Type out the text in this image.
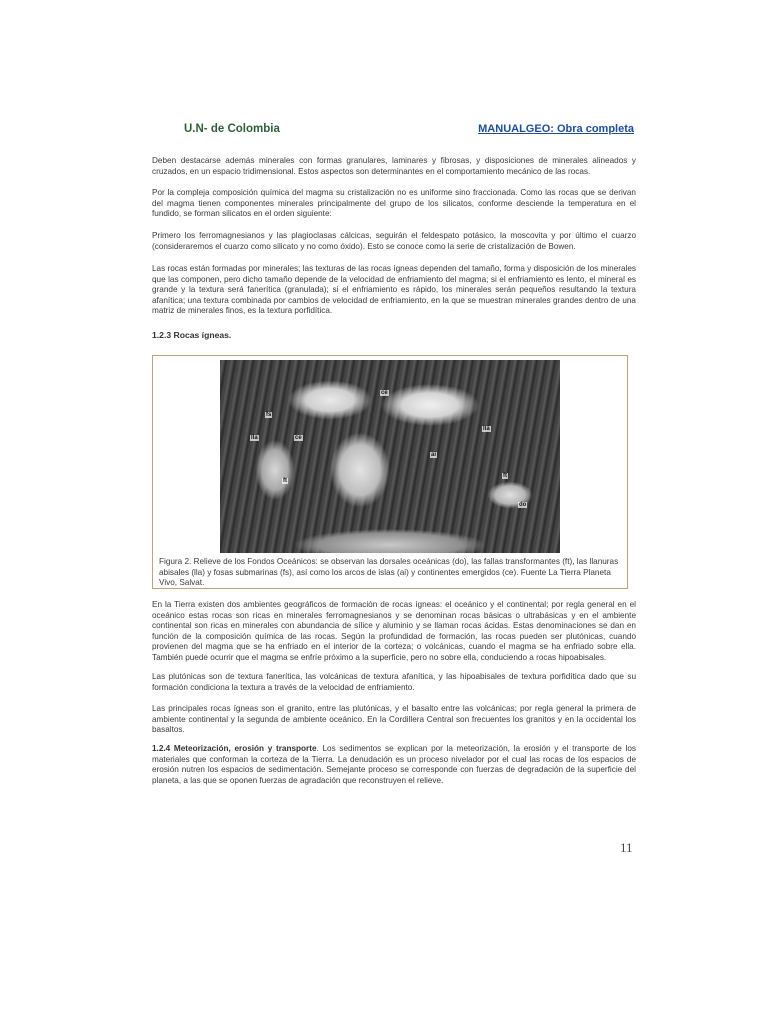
U.N- de Colombia	MANUALGEO: Obra completa

Deben destacarse además minerales con formas granulares, laminares y fibrosas, y disposiciones de minerales alineados y cruzados, en un espacio tridimensional. Estos aspectos son determinantes en el comportamiento mecánico de las rocas.

Por la compleja composición química del magma su cristalización no es uniforme sino fraccionada. Como las rocas que se derivan del magma tienen componentes minerales principalmente del grupo de los silicatos, conforme desciende la temperatura en el fundido, se forman silicatos en el orden siguiente:

Primero los ferromagnesianos y las plagioclasas cálcicas, seguirán el feldespato potásico, la moscovita y por último el cuarzo (consideraremos el cuarzo como silicato y no como óxido). Esto se conoce como la serie de cristalización de Bowen.

Las rocas están formadas por minerales; las texturas de las rocas ígneas dependen del tamaño, forma y disposición de los minerales que las componen, pero dicho tamaño depende de la velocidad de enfriamiento del magma; si el enfriamiento es lento, el mineral es grande y la textura será fanerítica (granulada); si el enfriamiento es rápido, los minerales serán pequeños resultando la textura afanítica; una textura combinada por cambios de velocidad de enfriamiento, en la que se muestran minerales grandes dentro de una matriz de minerales finos, es la textura porfidítica.

1.2.3 Rocas ígneas.
ce
ce
lla
lla
fs
ai
ft
ft
do

Figura 2. Relieve de los Fondos Oceánicos: se observan las dorsales oceánicas (do), las fallas transformantes (ft), las llanuras abisales (lla) y fosas submarinas (fs), así como los arcos de islas (ai) y continentes emergidos (ce). Fuente La Tierra Planeta Vivo, Salvat.

En la Tierra existen dos ambientes geográficos de formación de rocas ígneas: el oceánico y el continental; por regla general en el oceánico estas rocas son ricas en minerales ferromagnesianos y se denominan rocas básicas o ultrabásicas y en el ambiente continental son ricas en minerales con abundancia de sílice y aluminio y se llaman rocas ácidas. Estas denominaciones se dan en función de la composición química de las rocas. Según la profundidad de formación, las rocas pueden ser plutónicas, cuando provienen del magma que se ha enfriado en el interior de la corteza; o volcánicas, cuando el magma se ha enfriado sobre ella. También puede ocurrir que el magma se enfríe próximo a la superficie, pero no sobre ella, conduciendo a rocas hipoabisales.

Las plutónicas son de textura fanerítica, las volcánicas de textura afanítica, y las hipoabisales de textura porfidítica dado que su formación condiciona la textura a través de la velocidad de enfriamiento.

Las principales rocas ígneas son el granito, entre las plutónicas, y el basalto entre las volcánicas; por regla general la primera de ambiente continental y la segunda de ambiente oceánico. En la Cordillera Central son frecuentes los granitos y en la occidental los basaltos.

1.2.4 Meteorización, erosión y transporte. Los sedimentos se explican por la meteorización, la erosión y el transporte de los materiales que conforman la corteza de la Tierra. La denudación es un proceso nivelador por el cual las rocas de los espacios de erosión nutren los espacios de sedimentación. Semejante proceso se corresponde con fuerzas de degradación de la superficie del planeta, a las que se oponen fuerzas de agradación que reconstruyen el relieve.

11
